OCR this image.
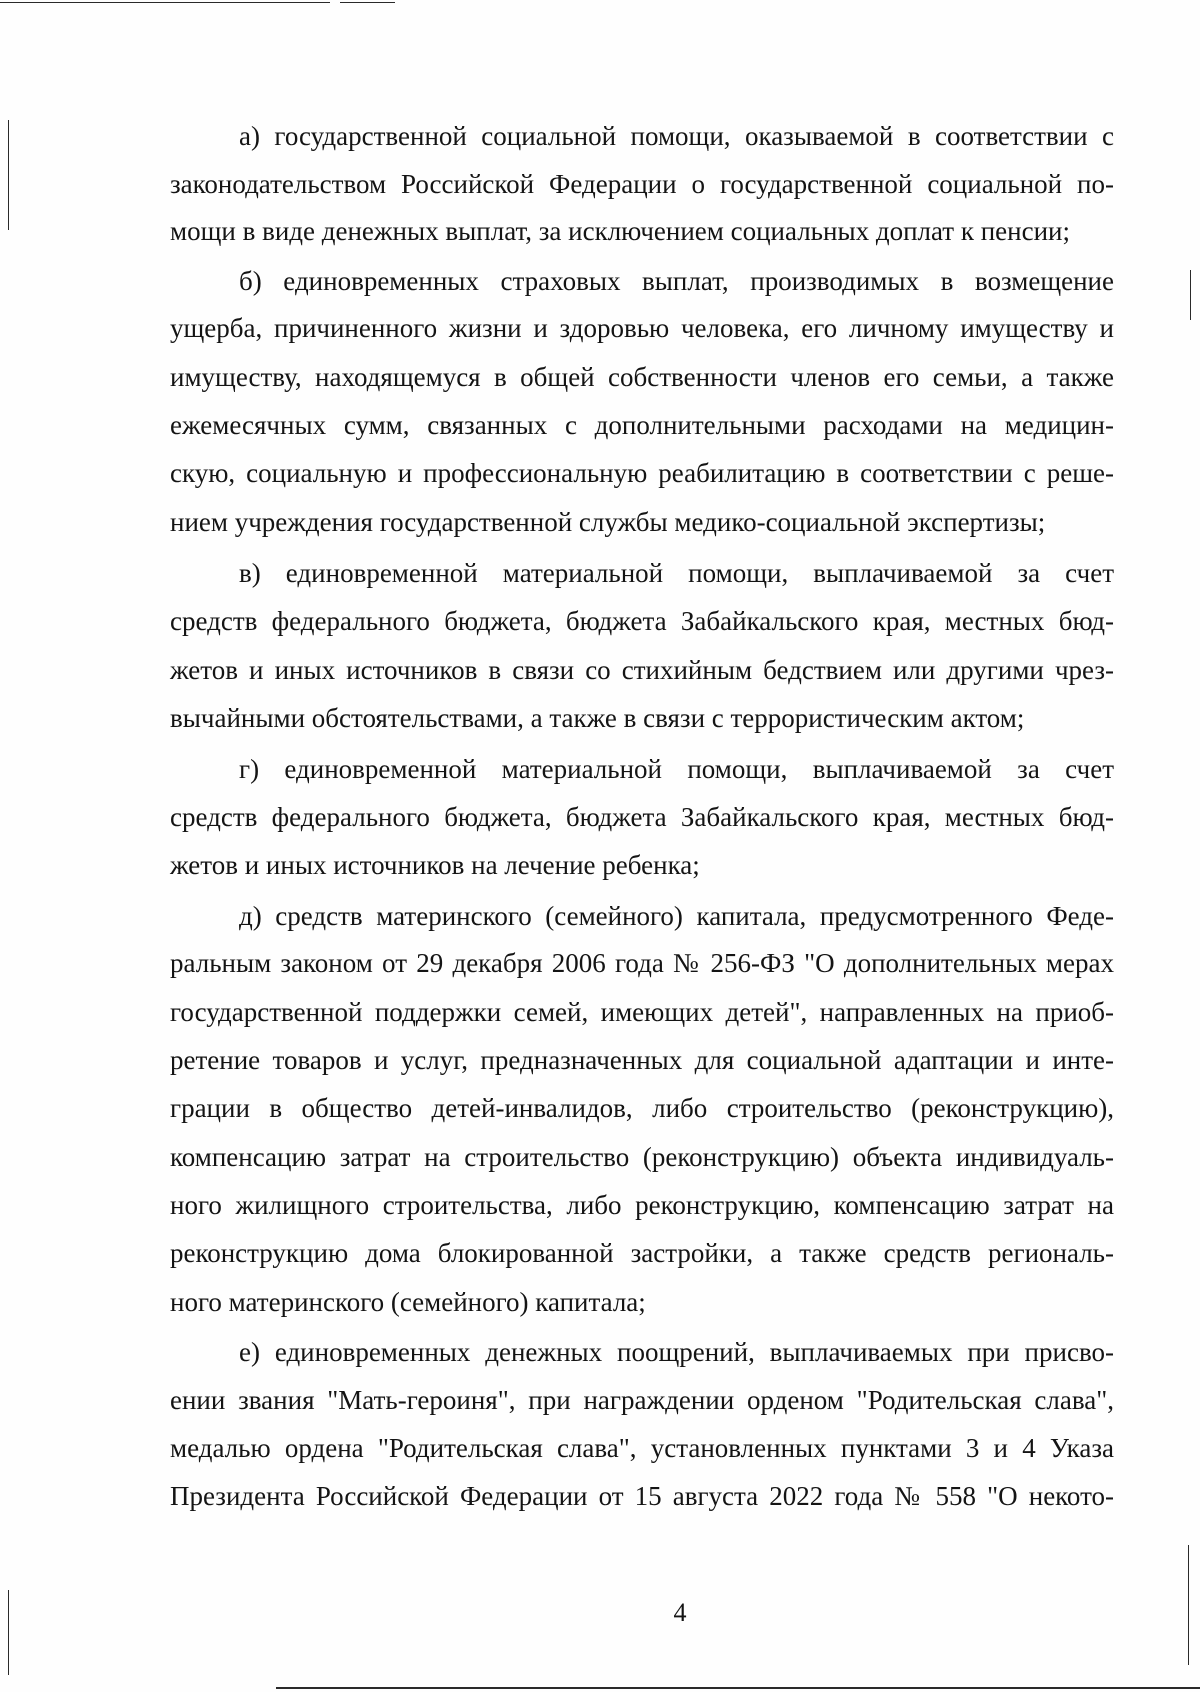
а) государственной социальной помощи, оказываемой в соответствии с

законодательством Российской Федерации о государственной социальной по-

мощи в виде денежных выплат, за исключением социальных доплат к пенсии;

б) единовременных страховых выплат, производимых в возмещение

ущерба, причиненного жизни и здоровью человека, его личному имуществу и

имуществу, находящемуся в общей собственности членов его семьи, а также

ежемесячных сумм, связанных с дополнительными расходами на медицин-

скую, социальную и профессиональную реабилитацию в соответствии с реше-

нием учреждения государственной службы медико-социальной экспертизы;

в) единовременной материальной помощи, выплачиваемой за счет

средств федерального бюджета, бюджета Забайкальского края, местных бюд-

жетов и иных источников в связи со стихийным бедствием или другими чрез-

вычайными обстоятельствами, а также в связи с террористическим актом;

г) единовременной материальной помощи, выплачиваемой за счет

средств федерального бюджета, бюджета Забайкальского края, местных бюд-

жетов и иных источников на лечение ребенка;

д) средств материнского (семейного) капитала, предусмотренного Феде-

ральным законом от 29 декабря 2006 года № 256-ФЗ "О дополнительных мерах

государственной поддержки семей, имеющих детей", направленных на приоб-

ретение товаров и услуг, предназначенных для социальной адаптации и инте-

грации в общество детей-инвалидов, либо строительство (реконструкцию),

компенсацию затрат на строительство (реконструкцию) объекта индивидуаль-

ного жилищного строительства, либо реконструкцию, компенсацию затрат на

реконструкцию дома блокированной застройки, а также средств региональ-

ного материнского (семейного) капитала;

е) единовременных денежных поощрений, выплачиваемых при присво-

ении звания "Мать-героиня", при награждении орденом "Родительская слава",

медалью ордена "Родительская слава", установленных пунктами 3 и 4 Указа

Президента Российской Федерации от 15 августа 2022 года № 558 "О некото-

4
